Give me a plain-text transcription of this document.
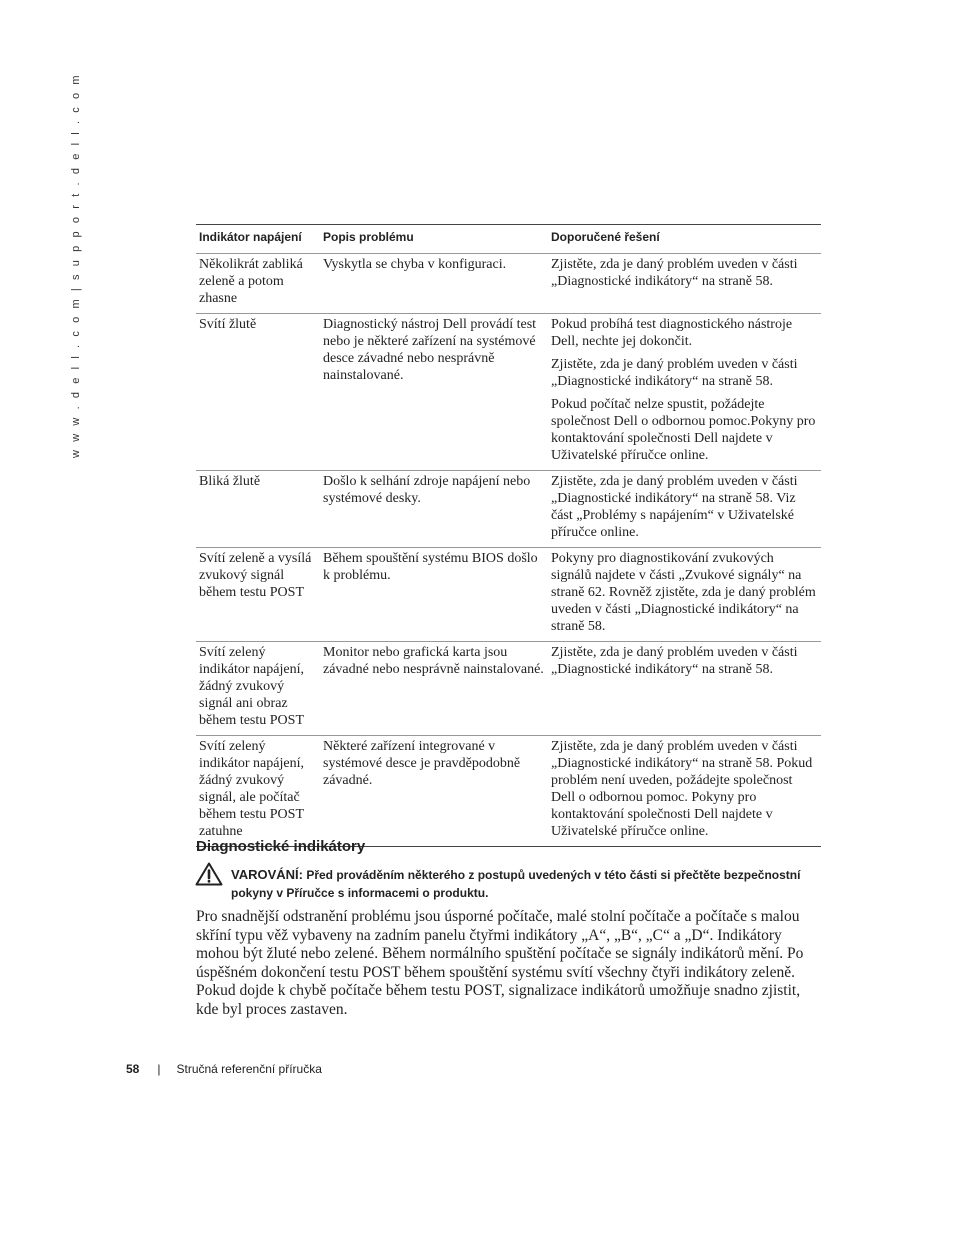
w w w . d e l l . c o m | s u p p o r t . d e l l . c o m	Indikátor napájení	Popis problému	Doporučené řešení
Několikrát zabliká zeleně a potom zhasne	Vyskytla se chyba v konfiguraci.	Zjistěte, zda je daný problém uveden v části „Diagnostické indikátory“ na straně 58.

Svítí žlutě	Diagnostický nástroj Dell provádí test nebo je některé zařízení na systémové desce závadné nebo nesprávně nainstalované.	Pokud probíhá test diagnostického nástroje Dell, nechte jej dokončit.

Zjistěte, zda je daný problém uveden v části „Diagnostické indikátory“ na straně 58.

Pokud počítač nelze spustit, požádejte společnost Dell o odbornou pomoc.Pokyny pro kontaktování společnosti Dell najdete v Uživatelské příručce online.

Bliká žlutě	Došlo k selhání zdroje napájení nebo systémové desky.	Zjistěte, zda je daný problém uveden v části „Diagnostické indikátory“ na straně 58. Viz část „Problémy s napájením“ v Uživatelské příručce online.

Svítí zeleně a vysílá zvukový signál během testu POST	Během spouštění systému BIOS došlo k problému.	Pokyny pro diagnostikování zvukových signálů najdete v části „Zvukové signály“ na straně 62. Rovněž zjistěte, zda je daný problém uveden v části „Diagnostické indikátory“ na straně 58.

Svítí zelený indikátor napájení, žádný zvukový signál ani obraz během testu POST	Monitor nebo grafická karta jsou závadné nebo nesprávně nainstalované.	Zjistěte, zda je daný problém uveden v části „Diagnostické indikátory“ na straně 58.

Svítí zelený indikátor napájení, žádný zvukový signál, ale počítač během testu POST zatuhne	Některé zařízení integrované v systémové desce je pravděpodobně závadné.	Zjistěte, zda je daný problém uveden v části „Diagnostické indikátory“ na straně 58. Pokud problém není uveden, požádejte společnost Dell o odbornou pomoc. Pokyny pro kontaktování společnosti Dell najdete v Uživatelské příručce online.

Diagnostické indikátory
VAROVÁNÍ: Před prováděním některého z postupů uvedených v této části si přečtěte bezpečnostní pokyny v Příručce s informacemi o produktu.

Pro snadnější odstranění problému jsou úsporné počítače, malé stolní počítače a počítače s malou skříní typu věž vybaveny na zadním panelu čtyřmi indikátory „A“, „B“, „C“ a „D“. Indikátory mohou být žluté nebo zelené. Během normálního spuštění počítače se signály indikátorů mění. Po úspěšném dokončení testu POST během spouštění systému svítí všechny čtyři indikátory zeleně. Pokud dojde k chybě počítače během testu POST, signalizace indikátorů umožňuje snadno zjistit, kde byl proces zastaven.

58 | Stručná referenční příručka
